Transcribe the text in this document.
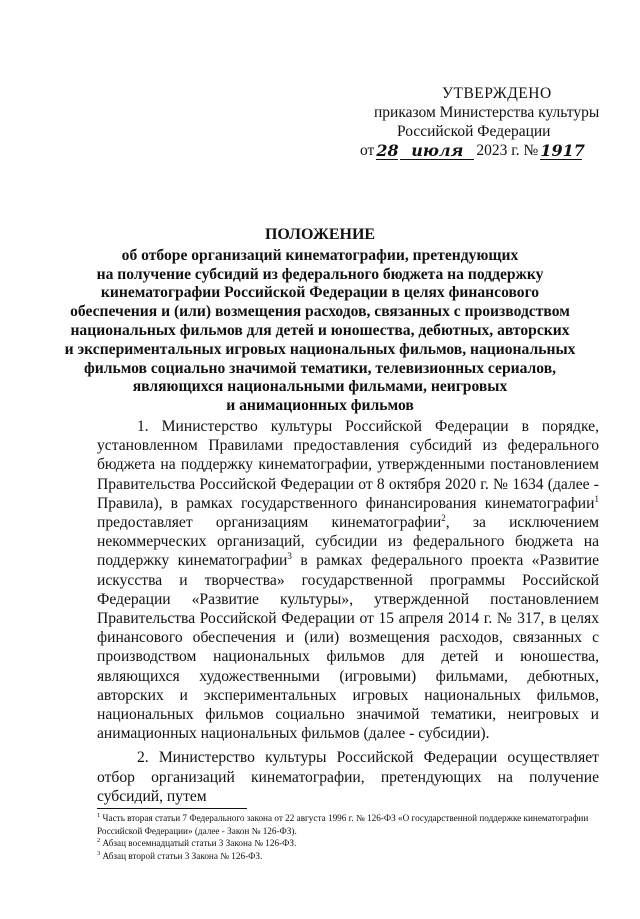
УТВЕРЖДЕНО
приказом Министерства культуры
Российской Федерации
от 28 июля 2023 г. № 1917
ПОЛОЖЕНИЕ
об отборе организаций кинематографии, претендующих
на получение субсидий из федерального бюджета на поддержку
кинематографии Российской Федерации в целях финансового
обеспечения и (или) возмещения расходов, связанных с производством
национальных фильмов для детей и юношества, дебютных, авторских
и экспериментальных игровых национальных фильмов, национальных
фильмов социально значимой тематики, телевизионных сериалов,
являющихся национальными фильмами, неигровых
и анимационных фильмов

1. Министерство культуры Российской Федерации в порядке, установленном Правилами предоставления субсидий из федерального бюджета на поддержку кинематографии, утвержденными постановлением Правительства Российской Федерации от 8 октября 2020 г. № 1634 (далее - Правила), в рамках государственного финансирования кинематографии$^1$ предоставляет организациям кинематографии$^2$, за исключением некоммерческих организаций, субсидии из федерального бюджета на поддержку кинематографии$^3$ в рамках федерального проекта «Развитие искусства и творчества» государственной программы Российской Федерации «Развитие культуры», утвержденной постановлением Правительства Российской Федерации от 15 апреля 2014 г. № 317, в целях финансового обеспечения и (или) возмещения расходов, связанных с производством национальных фильмов для детей и юношества, являющихся художественными (игровыми) фильмами, дебютных, авторских и экспериментальных игровых национальных фильмов, национальных фильмов социально значимой тематики, неигровых и анимационных национальных фильмов (далее - субсидии).

2. Министерство культуры Российской Федерации осуществляет отбор организаций кинематографии, претендующих на получение субсидий, путем

$^1$ Часть вторая статьи 7 Федерального закона от 22 августа 1996 г. № 126-ФЗ «О государственной поддержке кинематографии Российской Федерации» (далее - Закон № 126-ФЗ).

$^2$ Абзац восемнадцатый статьи 3 Закона № 126-ФЗ.

$^3$ Абзац второй статьи 3 Закона № 126-ФЗ.
